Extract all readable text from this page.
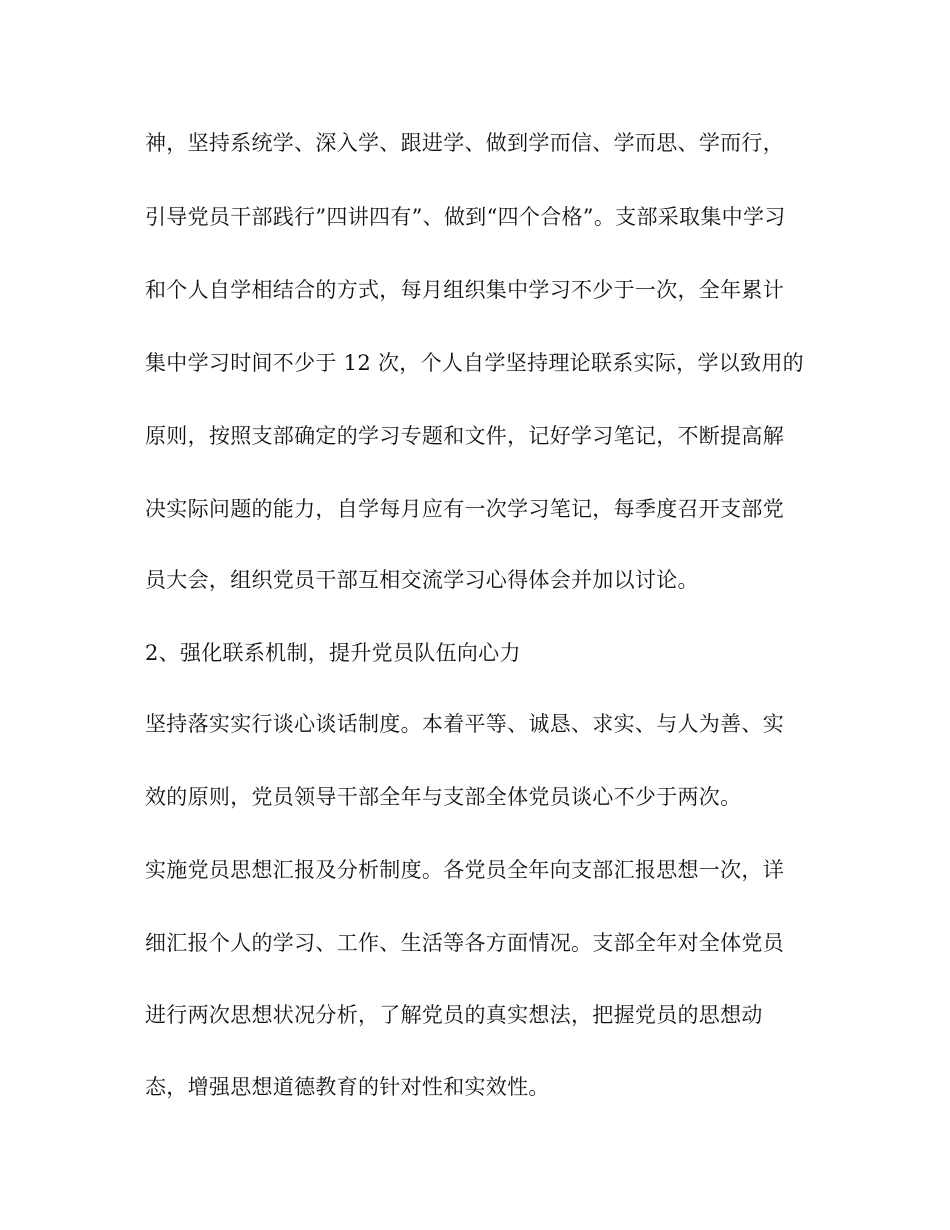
神，坚持系统学、深入学、跟进学、做到学而信、学而思、学而行，
引导党员干部践行”四讲四有”、做到“四个合格”。支部采取集中学习
和个人自学相结合的方式，每月组织集中学习不少于一次，全年累计
集中学习时间不少于 12 次，个人自学坚持理论联系实际，学以致用的
原则，按照支部确定的学习专题和文件，记好学习笔记，不断提高解
决实际问题的能力，自学每月应有一次学习笔记，每季度召开支部党
员大会，组织党员干部互相交流学习心得体会并加以讨论。
2、强化联系机制，提升党员队伍向心力
坚持落实实行谈心谈话制度。本着平等、诚恳、求实、与人为善、实
效的原则，党员领导干部全年与支部全体党员谈心不少于两次。
实施党员思想汇报及分析制度。各党员全年向支部汇报思想一次，详
细汇报个人的学习、工作、生活等各方面情况。支部全年对全体党员
进行两次思想状况分析，了解党员的真实想法，把握党员的思想动
态，增强思想道德教育的针对性和实效性。
